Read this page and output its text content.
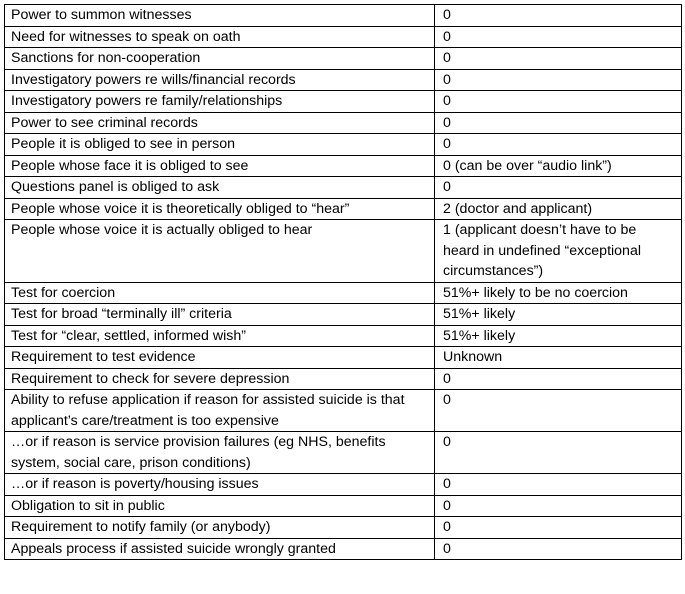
Power to summon witnesses	0
Need for witnesses to speak on oath	0
Sanctions for non-cooperation	0
Investigatory powers re wills/financial records	0
Investigatory powers re family/relationships	0
Power to see criminal records	0
People it is obliged to see in person	0
People whose face it is obliged to see	0 (can be over “audio link”)
Questions panel is obliged to ask	0
People whose voice it is theoretically obliged to “hear”	2 (doctor and applicant)
People whose voice it is actually obliged to hear	1 (applicant doesn’t have to be heard in undefined “exceptional circumstances”)
Test for coercion	51%+ likely to be no coercion
Test for broad “terminally ill” criteria	51%+ likely
Test for “clear, settled, informed wish”	51%+ likely
Requirement to test evidence	Unknown
Requirement to check for severe depression	0
Ability to refuse application if reason for assisted suicide is that applicant’s care/treatment is too expensive	0
…or if reason is service provision failures (eg NHS, benefits system, social care, prison conditions)	0
…or if reason is poverty/housing issues	0
Obligation to sit in public	0
Requirement to notify family (or anybody)	0
Appeals process if assisted suicide wrongly granted	0
